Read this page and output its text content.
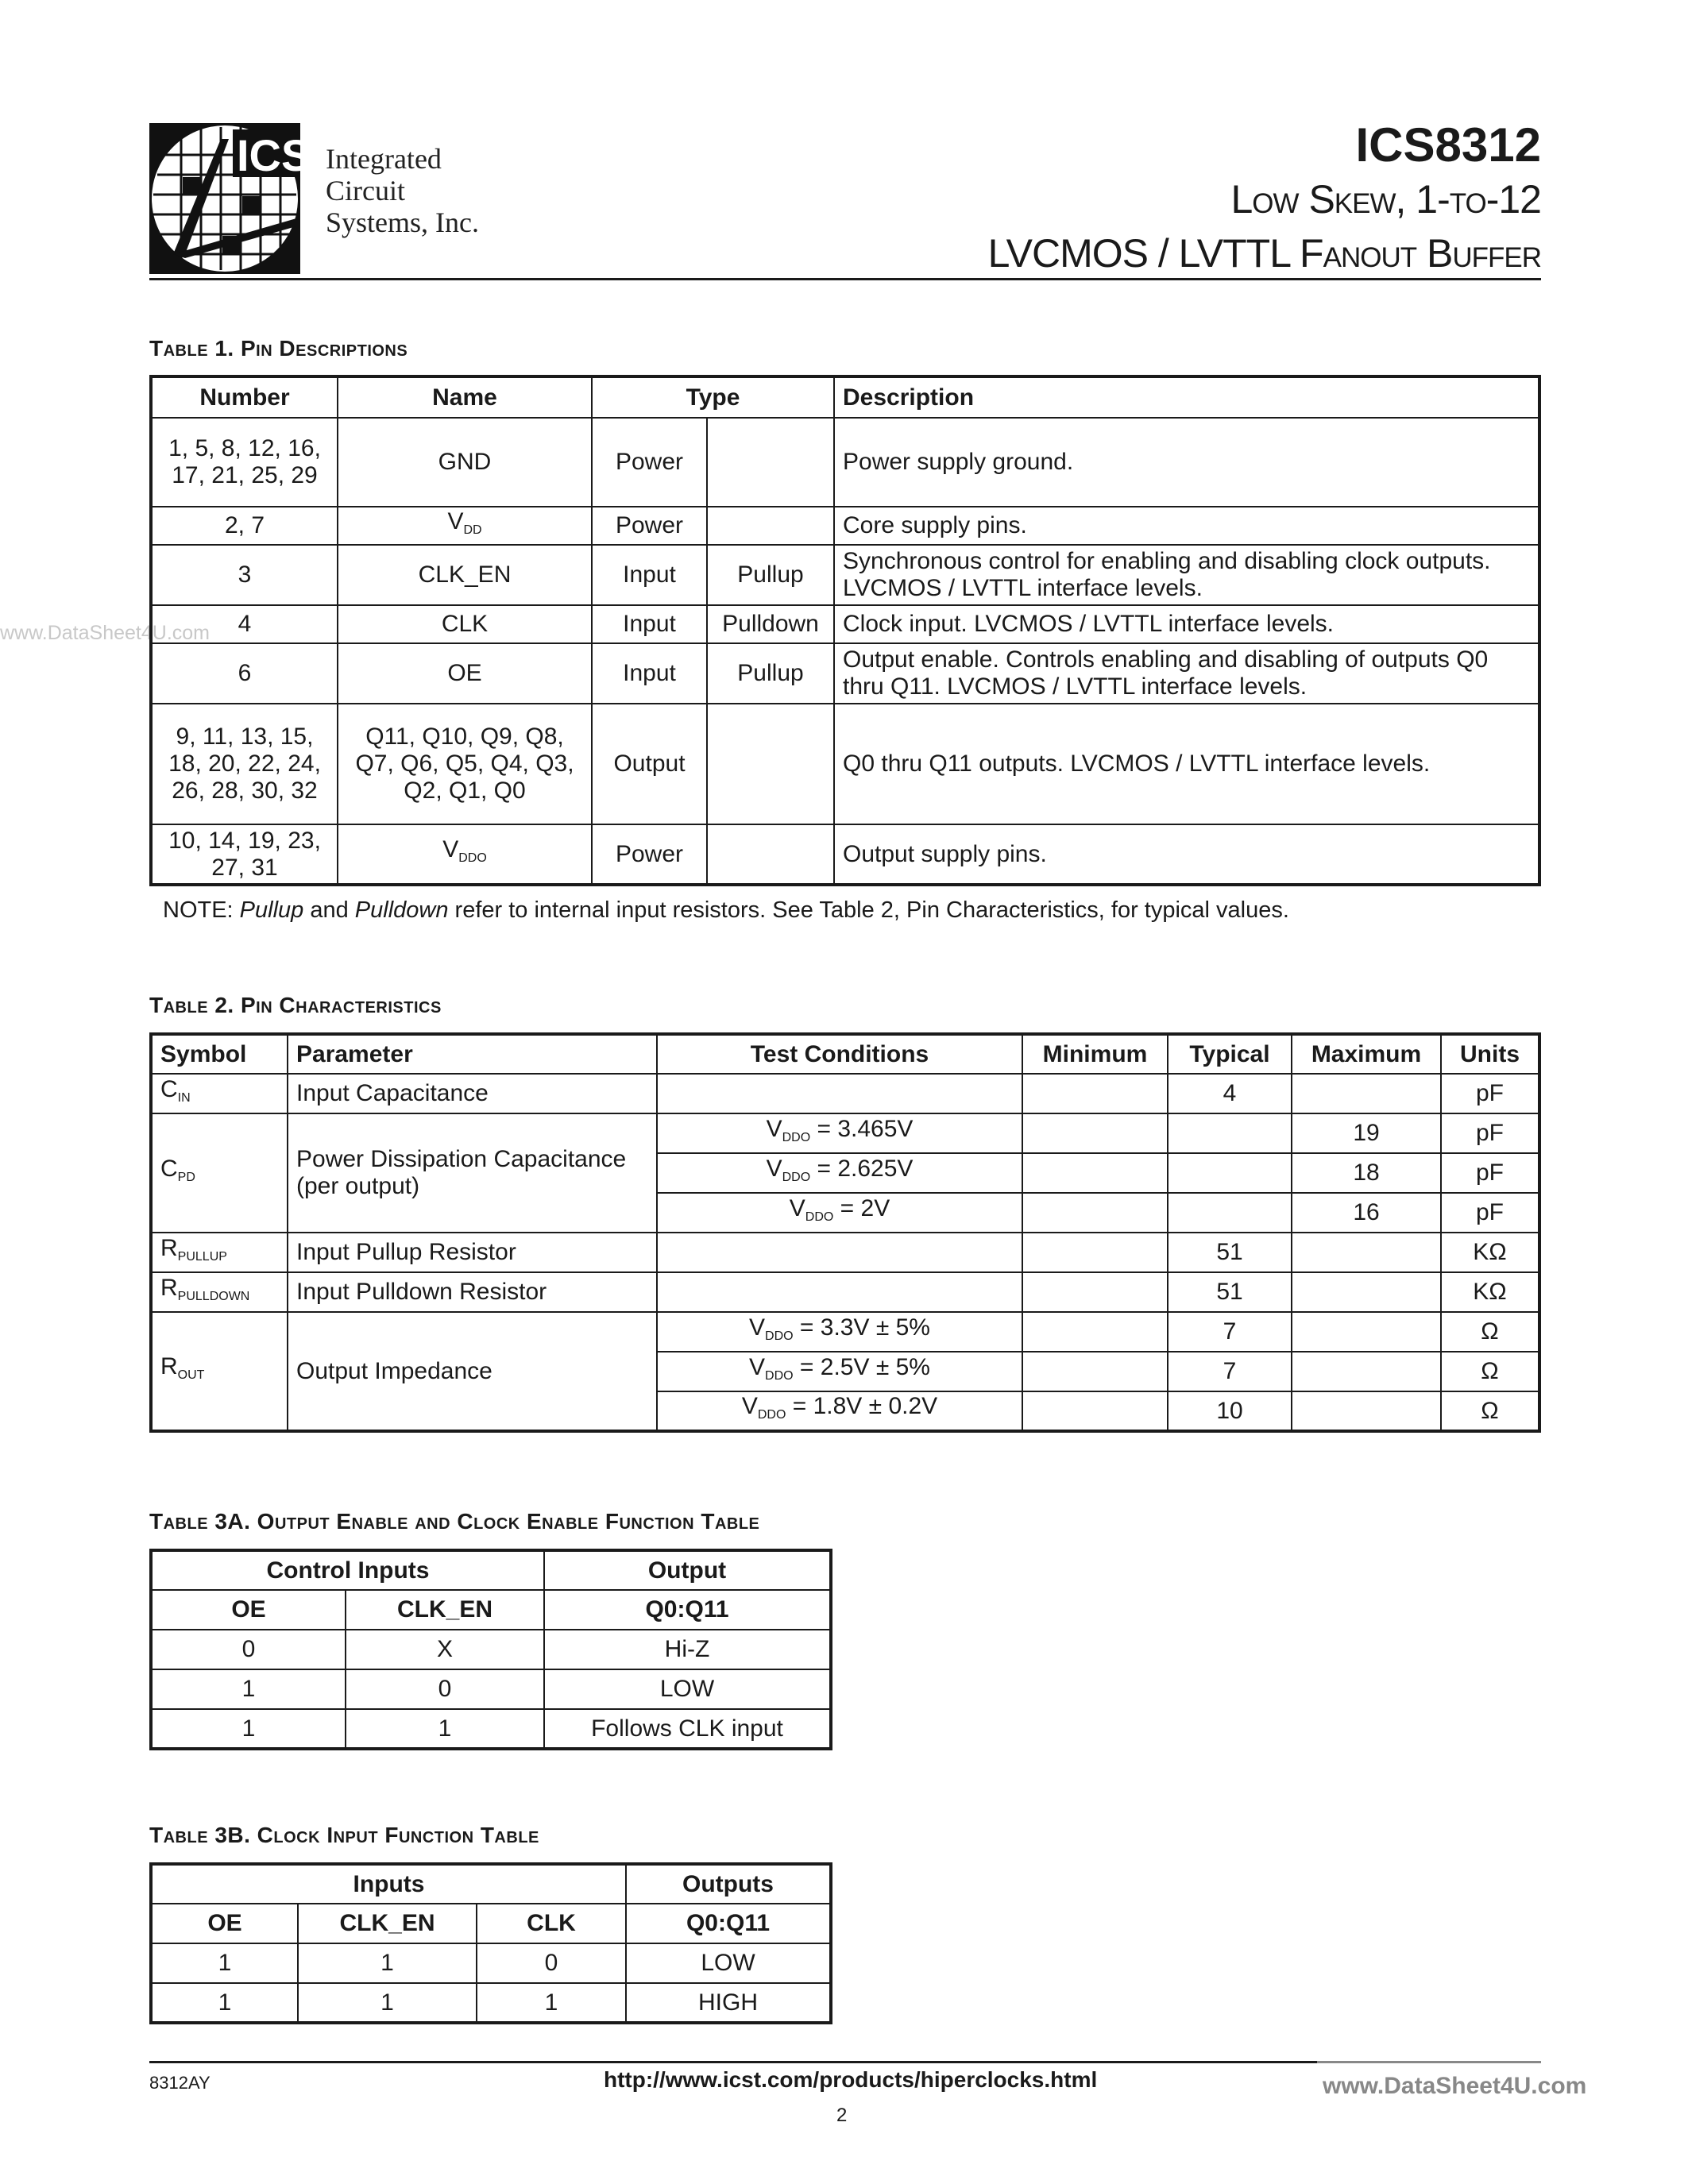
ICS Integrated
Circuit
Systems, Inc.
ICS8312
Low Skew, 1-to-12
LVCMOS / LVTTL Fanout Buffer
www.DataSheet4U.com
Table 1. Pin Descriptions
Number	Name	Type		Description
1, 5, 8, 12, 16, 17, 21, 25, 29	GND	Power		Power supply ground.
2, 7	$V_{DD}$	Power		Core supply pins.
3	CLK_EN	Input	Pullup	Synchronous control for enabling and disabling clock outputs. LVCMOS / LVTTL interface levels.
4	CLK	Input	Pulldown	Clock input. LVCMOS / LVTTL interface levels.
6	OE	Input	Pullup	Output enable. Controls enabling and disabling of outputs Q0 thru Q11. LVCMOS / LVTTL interface levels.
9, 11, 13, 15, 18, 20, 22, 24, 26, 28, 30, 32	Q11, Q10, Q9, Q8, Q7, Q6, Q5, Q4, Q3, Q2, Q1, Q0	Output		Q0 thru Q11 outputs. LVCMOS / LVTTL interface levels.
10, 14, 19, 23, 27, 31	$V_{DDO}$	Power		Output supply pins.
NOTE: Pullup and Pulldown refer to internal input resistors. See Table 2, Pin Characteristics, for typical values.
Table 2. Pin Characteristics
Symbol	Parameter	Test Conditions	Minimum	Typical	Maximum	Units
$C_{IN}$	Input Capacitance			4		pF
$C_{PD}$	Power Dissipation Capacitance (per output)	$V_{DDO} = 3.465V$			19	pF
		$V_{DDO} = 2.625V$			18	pF
		$V_{DDO} = 2V$			16	pF
$R_{PULLUP}$	Input Pullup Resistor			51		KΩ
$R_{PULLDOWN}$	Input Pulldown Resistor			51		KΩ
$R_{OUT}$	Output Impedance	$V_{DDO} = 3.3V \pm 5\%$		7		Ω
		$V_{DDO} = 2.5V \pm 5\%$		7		Ω
		$V_{DDO} = 1.8V \pm 0.2V$		10		Ω
Table 3A. Output Enable and Clock Enable Function Table
Control Inputs		Output
OE	CLK_EN	Q0:Q11
0	X	Hi-Z
1	0	LOW
1	1	Follows CLK input
Table 3B. Clock Input Function Table
Inputs			Outputs
OE	CLK_EN	CLK	Q0:Q11
1	1	0	LOW
1	1	1	HIGH
8312AY	http://www.icst.com/products/hiperclocks.html	www.DataSheet4U.com
2
